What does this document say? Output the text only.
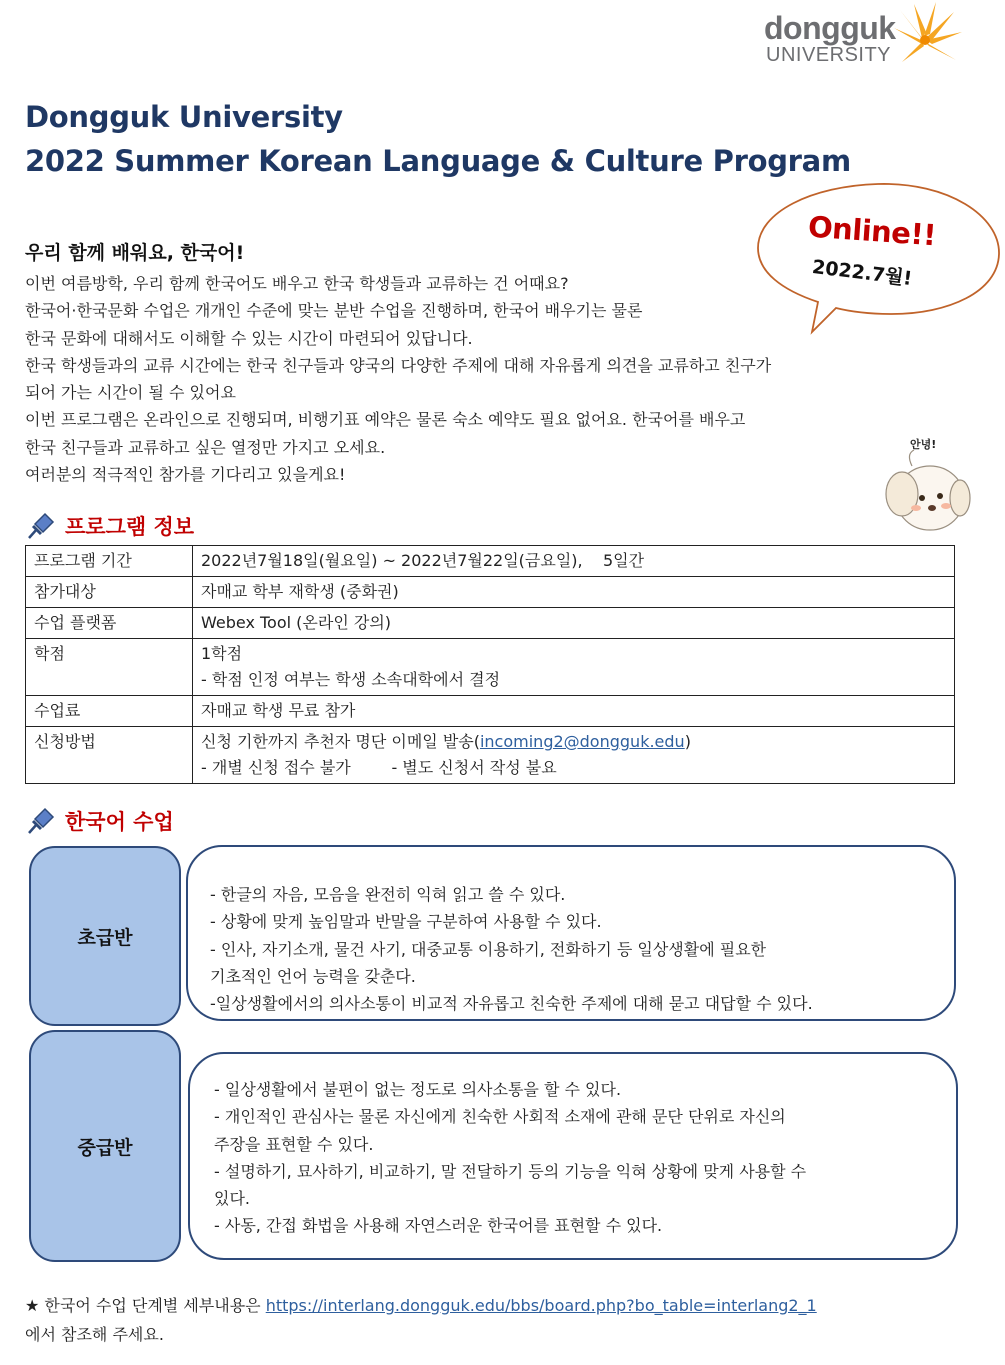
dongguk
UNIVERSITY
Dongguk University
2022 Summer Korean Language & Culture Program
Online!!
2022.7월!
우리 함께 배워요, 한국어!
이번 여름방학, 우리 함께 한국어도 배우고 한국 학생들과 교류하는 건 어때요?
한국어·한국문화 수업은 개개인 수준에 맞는 분반 수업을 진행하며, 한국어 배우기는 물론
한국 문화에 대해서도 이해할 수 있는 시간이 마련되어 있답니다.
한국 학생들과의 교류 시간에는 한국 친구들과 양국의 다양한 주제에 대해 자유롭게 의견을 교류하고 친구가
되어 가는 시간이 될 수 있어요
이번 프로그램은 온라인으로 진행되며, 비행기표 예약은 물론 숙소 예약도 필요 없어요. 한국어를 배우고
한국 친구들과 교류하고 싶은 열정만 가지고 오세요.
여러분의 적극적인 참가를 기다리고 있을게요!
안녕!
프로그램 정보
프로그램 기간	2022년7월18일(월요일) ~ 2022년7월22일(금요일),    5일간
참가대상	자매교 학부 재학생 (중화권)
수업 플랫폼	Webex Tool (온라인 강의)
학점	1학점
- 학점 인정 여부는 학생 소속대학에서 결정

수업료	자매교 학생 무료 참가
신청방법	신청 기한까지 추천자 명단 이메일 발송(incoming2@dongguk.edu)
- 개별 신청 접수 불가        - 별도 신청서 작성 불요
한국어 수업
초급반
- 한글의 자음, 모음을 완전히 익혀 읽고 쓸 수 있다.
- 상황에 맞게 높임말과 반말을 구분하여 사용할 수 있다.
- 인사, 자기소개, 물건 사기, 대중교통 이용하기, 전화하기 등 일상생활에 필요한
기초적인 언어 능력을 갖춘다.
-일상생활에서의 의사소통이 비교적 자유롭고 친숙한 주제에 대해 묻고 대답할 수 있다.
중급반
- 일상생활에서 불편이 없는 정도로 의사소통을 할 수 있다.
- 개인적인 관심사는 물론 자신에게 친숙한 사회적 소재에 관해 문단 단위로 자신의
주장을 표현할 수 있다.
- 설명하기, 묘사하기, 비교하기, 말 전달하기 등의 기능을 익혀 상황에 맞게 사용할 수
있다.
- 사동, 간접 화법을 사용해 자연스러운 한국어를 표현할 수 있다.
★ 한국어 수업 단계별 세부내용은 https://interlang.dongguk.edu/bbs/board.php?bo_table=interlang2_1
에서 참조해 주세요.
